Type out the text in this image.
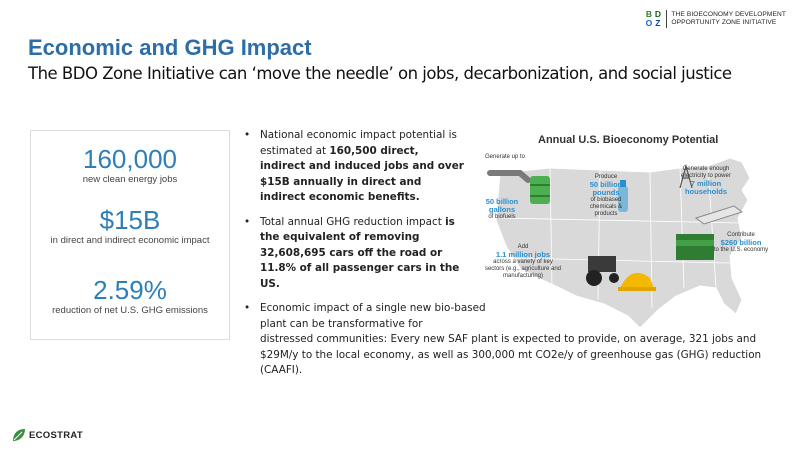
B D
O Z
THE BIOECONOMY DEVELOPMENT
OPPORTUNITY ZONE INITIATIVE
Economic and GHG Impact
The BDO Zone Initiative can ‘move the needle’ on jobs, decarbonization, and social justice
160,000
new clean energy jobs
$15B
in direct and indirect economic impact
2.59%
reduction of net U.S. GHG emissions
• National economic impact potential is estimated at 160,500 direct, indirect and induced jobs and over $15B annually in direct and indirect economic benefits.
• Total annual GHG reduction impact is the equivalent of removing 32,608,695 cars off the road or 11.8% of all passenger cars in the US.
• Economic impact of a single new bio-based plant can be transformative for
distressed communities: Every new SAF plant is expected to provide, on average, 321 jobs and $29M/y to the local economy, as well as 300,000 mt CO2e/y of greenhouse gas (GHG) reduction (CAAFI).
Annual U.S. Bioeconomy Potential
Generate up to
50 billion gallons
of biofuels
Produce
50 billion pounds
of biobased chemicals & products
Generate enough electricity to power
7 million households
Add
1.1 million jobs
across a variety of key sectors (e.g., agriculture and manufacturing)
Contribute
$260 billion
to the U.S. economy
ECOSTRAT
